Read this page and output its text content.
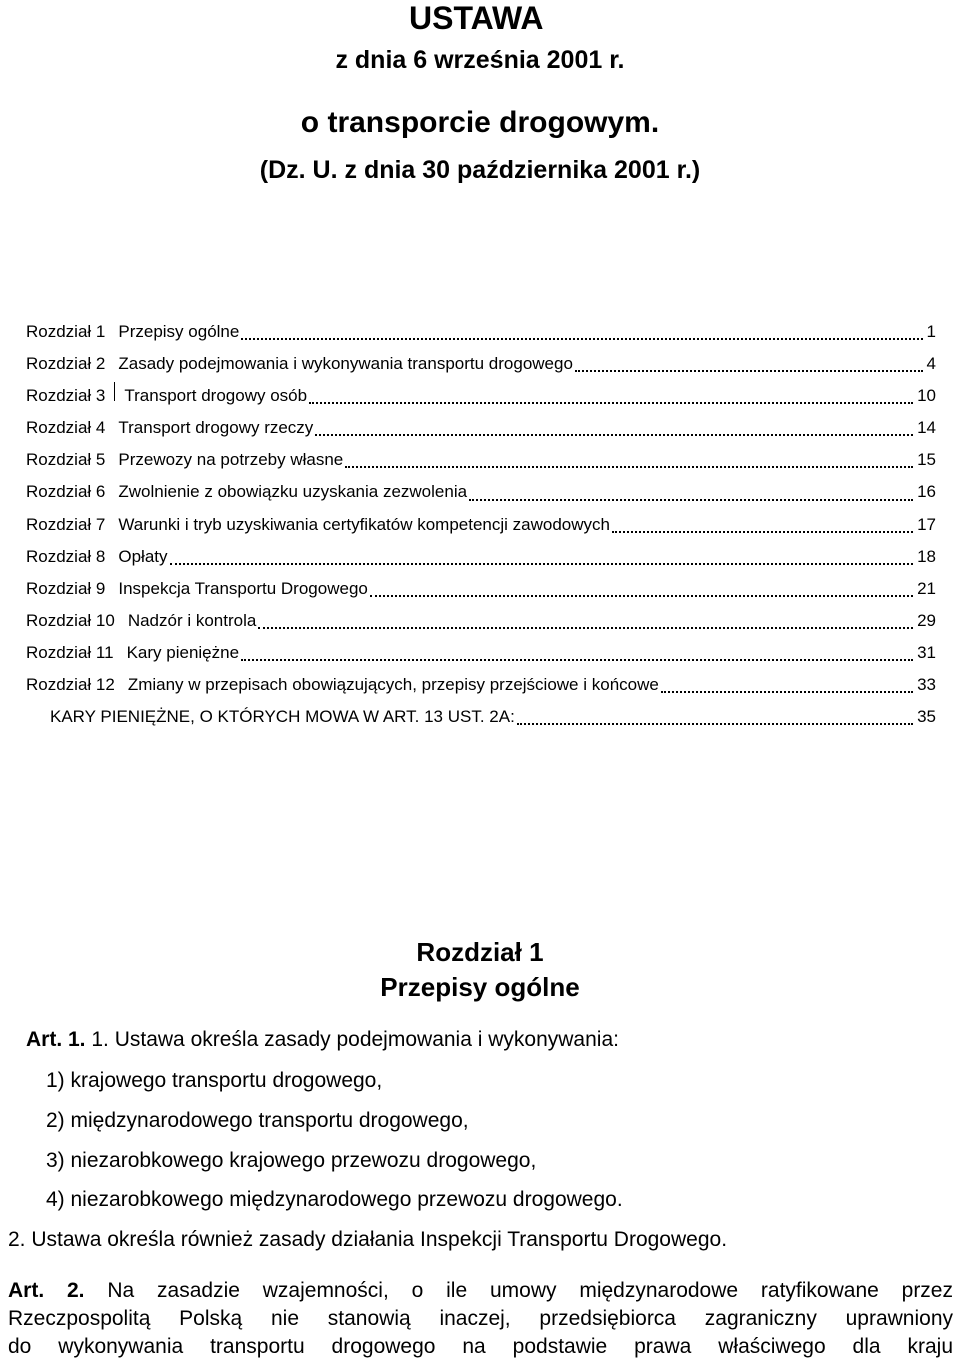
USTAWA
z dnia 6 września 2001 r.
o transporcie drogowym.
(Dz. U. z dnia 30 października 2001 r.)
Rozdział 1 Przepisy ogólne	1
Rozdział 2 Zasady podejmowania i wykonywania transportu drogowego	4
Rozdział 3 Transport drogowy osób	10
Rozdział 4 Transport drogowy rzeczy	14
Rozdział 5 Przewozy na potrzeby własne	15
Rozdział 6 Zwolnienie z obowiązku uzyskania zezwolenia	16
Rozdział 7 Warunki i tryb uzyskiwania certyfikatów kompetencji zawodowych	17
Rozdział 8 Opłaty	18
Rozdział 9 Inspekcja Transportu Drogowego	21
Rozdział 10 Nadzór i kontrola	29
Rozdział 11 Kary pieniężne	31
Rozdział 12 Zmiany w przepisach obowiązujących, przepisy przejściowe i końcowe	33
KARY PIENIĘŻNE, O KTÓRYCH MOWA W ART. 13 UST. 2A:	35
Rozdział 1
Przepisy ogólne
Art. 1. 1. Ustawa określa zasady podejmowania i wykonywania:
1) krajowego transportu drogowego,
2) międzynarodowego transportu drogowego,
3) niezarobkowego krajowego przewozu drogowego,
4) niezarobkowego międzynarodowego przewozu drogowego.
2. Ustawa określa również zasady działania Inspekcji Transportu Drogowego.
Art. 2. Na zasadzie wzajemności, o ile umowy międzynarodowe ratyfikowane przez
Rzeczpospolitą Polską nie stanowią inaczej, przedsiębiorca zagraniczny uprawniony
do wykonywania transportu drogowego na podstawie prawa właściwego dla kraju
